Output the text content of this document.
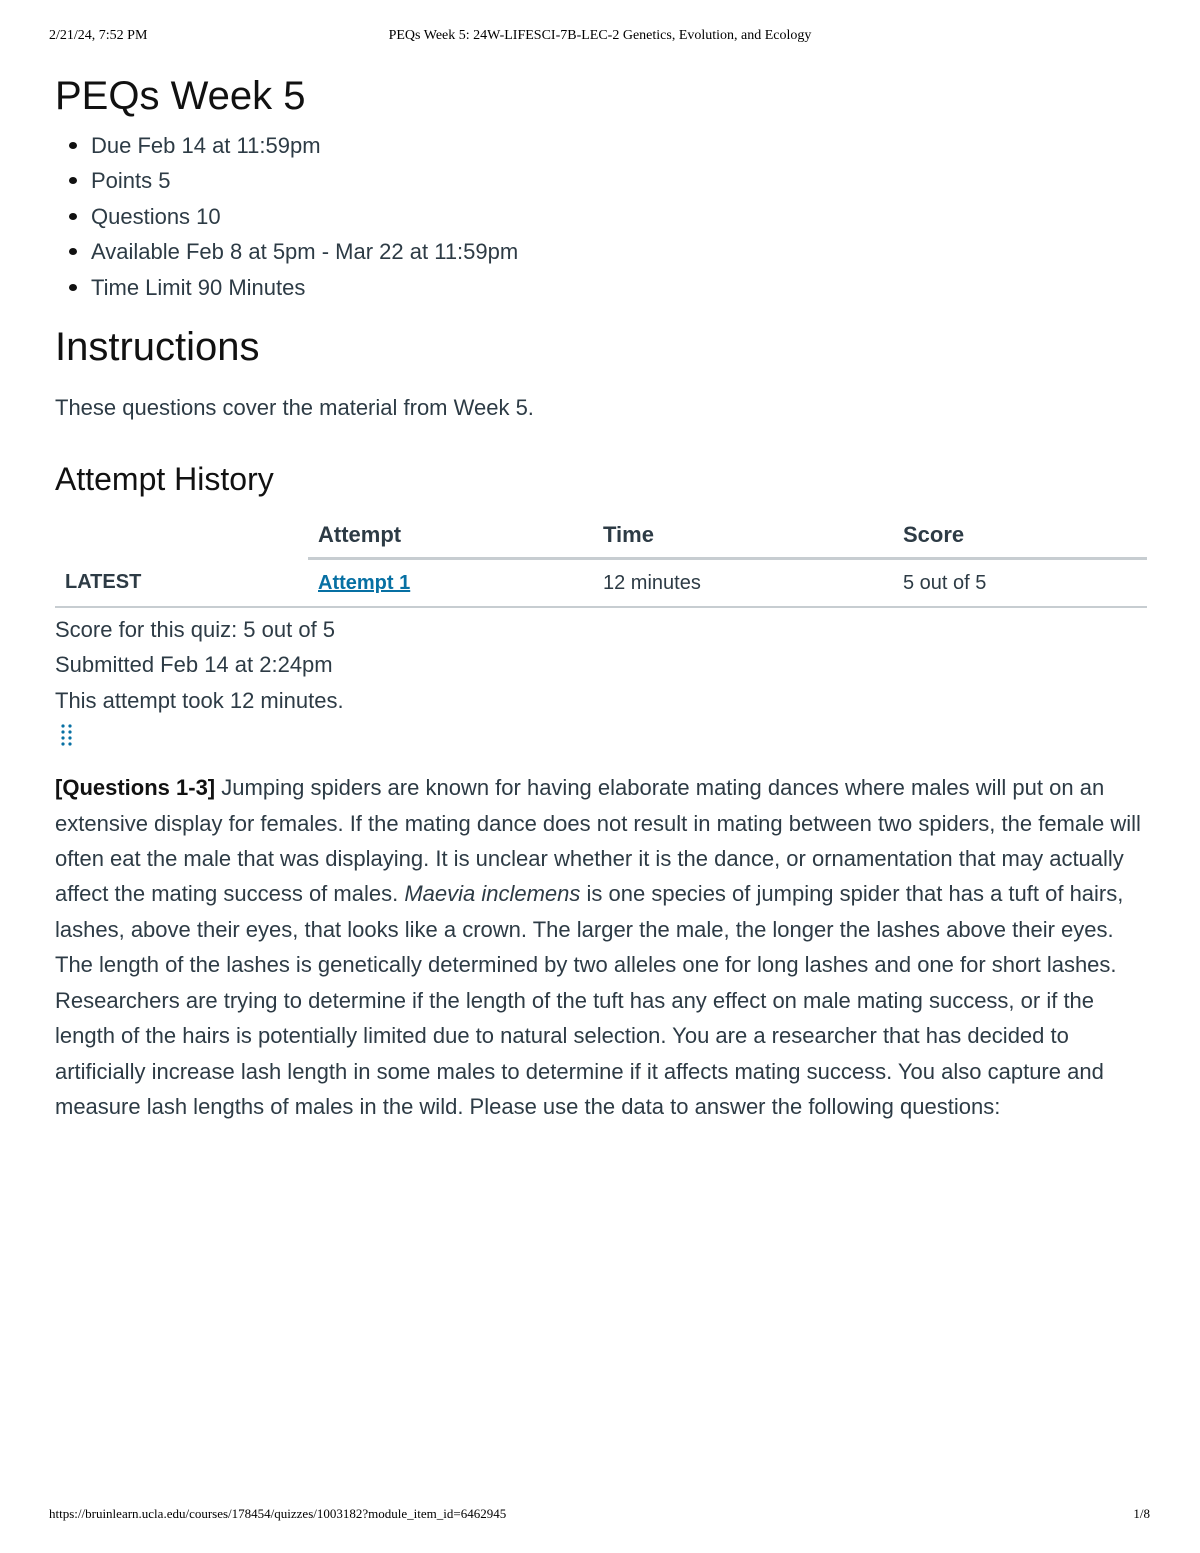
2/21/24, 7:52 PM	PEQs Week 5: 24W-LIFESCI-7B-LEC-2 Genetics, Evolution, and Ecology
PEQs Week 5
Due Feb 14 at 11:59pm
Points 5
Questions 10
Available Feb 8 at 5pm - Mar 22 at 11:59pm
Time Limit 90 Minutes
Instructions

These questions cover the material from Week 5.

Attempt History
	Attempt	Time	Score
LATEST	Attempt 1	12 minutes	5 out of 5
Score for this quiz: 5 out of 5
Submitted Feb 14 at 2:24pm
This attempt took 12 minutes.
[Questions 1-3] Jumping spiders are known for having elaborate mating dances where males will put on an extensive display for females. If the mating dance does not result in mating between two spiders, the female will often eat the male that was displaying. It is unclear whether it is the dance, or ornamentation that may actually affect the mating success of males. Maevia inclemens is one species of jumping spider that has a tuft of hairs, lashes, above their eyes, that looks like a crown. The larger the male, the longer the lashes above their eyes. The length of the lashes is genetically determined by two alleles one for long lashes and one for short lashes. Researchers are trying to determine if the length of the tuft has any effect on male mating success, or if the length of the hairs is potentially limited due to natural selection. You are a researcher that has decided to artificially increase lash length in some males to determine if it affects mating success. You also capture and measure lash lengths of males in the wild. Please use the data to answer the following questions:
https://bruinlearn.ucla.edu/courses/178454/quizzes/1003182?module_item_id=6462945	1/8
